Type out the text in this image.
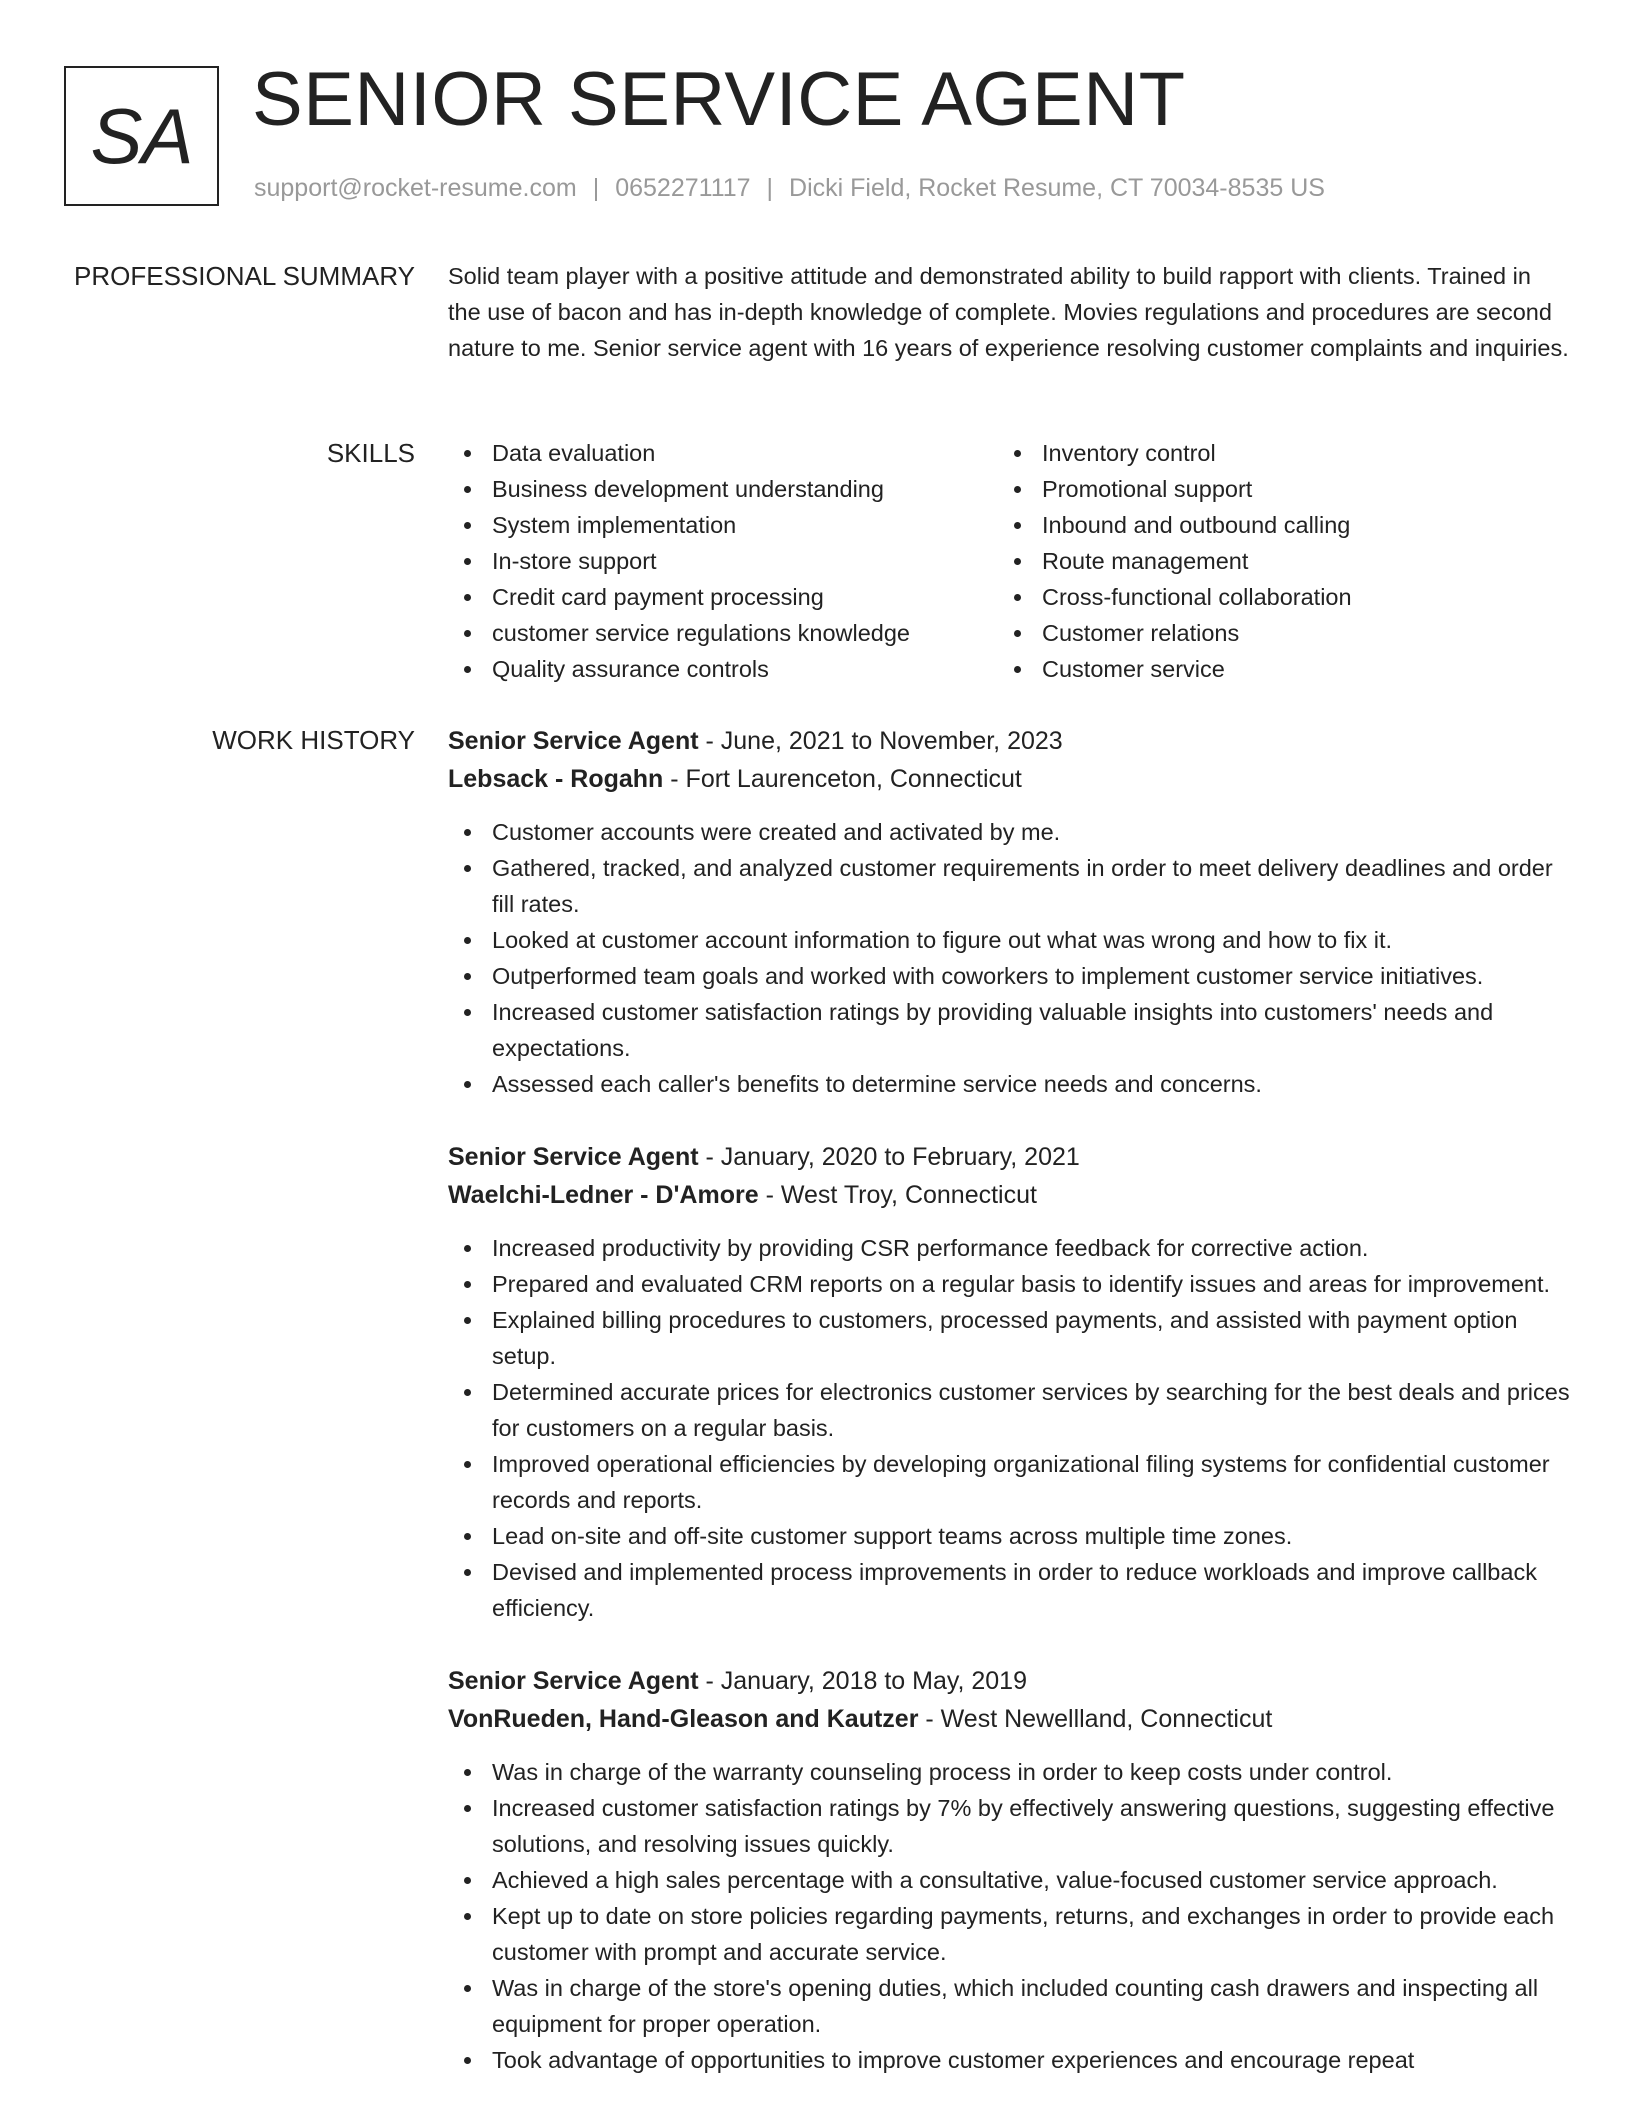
SA SENIOR SERVICE AGENT
support@rocket-resume.com | 0652271117 | Dicki Field, Rocket Resume, CT 70034-8535 US
PROFESSIONAL SUMMARY Solid team player with a positive attitude and demonstrated ability to build rapport with clients. Trained in the use of bacon and has in-depth knowledge of complete. Movies regulations and procedures are second nature to me. Senior service agent with 16 years of experience resolving customer complaints and inquiries.

SKILLS	Data evaluation
Business development understanding
System implementation
In-store support
Credit card payment processing
customer service regulations knowledge
Quality assurance controls
Inventory control
Promotional support
Inbound and outbound calling
Route management
Cross-functional collaboration
Customer relations
Customer service
WORK HISTORY Senior Service Agent - June, 2021 to November, 2023
Lebsack - Rogahn - Fort Laurenceton, Connecticut
Customer accounts were created and activated by me.
Gathered, tracked, and analyzed customer requirements in order to meet delivery deadlines and order fill rates.
Looked at customer account information to figure out what was wrong and how to fix it.
Outperformed team goals and worked with coworkers to implement customer service initiatives.
Increased customer satisfaction ratings by providing valuable insights into customers' needs and expectations.
Assessed each caller's benefits to determine service needs and concerns.
Senior Service Agent - January, 2020 to February, 2021
Waelchi-Ledner - D'Amore - West Troy, Connecticut
Increased productivity by providing CSR performance feedback for corrective action.
Prepared and evaluated CRM reports on a regular basis to identify issues and areas for improvement.
Explained billing procedures to customers, processed payments, and assisted with payment option setup.
Determined accurate prices for electronics customer services by searching for the best deals and prices for customers on a regular basis.
Improved operational efficiencies by developing organizational filing systems for confidential customer records and reports.
Lead on-site and off-site customer support teams across multiple time zones.
Devised and implemented process improvements in order to reduce workloads and improve callback efficiency.
Senior Service Agent - January, 2018 to May, 2019
VonRueden, Hand-Gleason and Kautzer - West Newellland, Connecticut
Was in charge of the warranty counseling process in order to keep costs under control.
Increased customer satisfaction ratings by 7% by effectively answering questions, suggesting effective solutions, and resolving issues quickly.
Achieved a high sales percentage with a consultative, value-focused customer service approach.
Kept up to date on store policies regarding payments, returns, and exchanges in order to provide each customer with prompt and accurate service.
Was in charge of the store's opening duties, which included counting cash drawers and inspecting all equipment for proper operation.
Took advantage of opportunities to improve customer experiences and encourage repeat
